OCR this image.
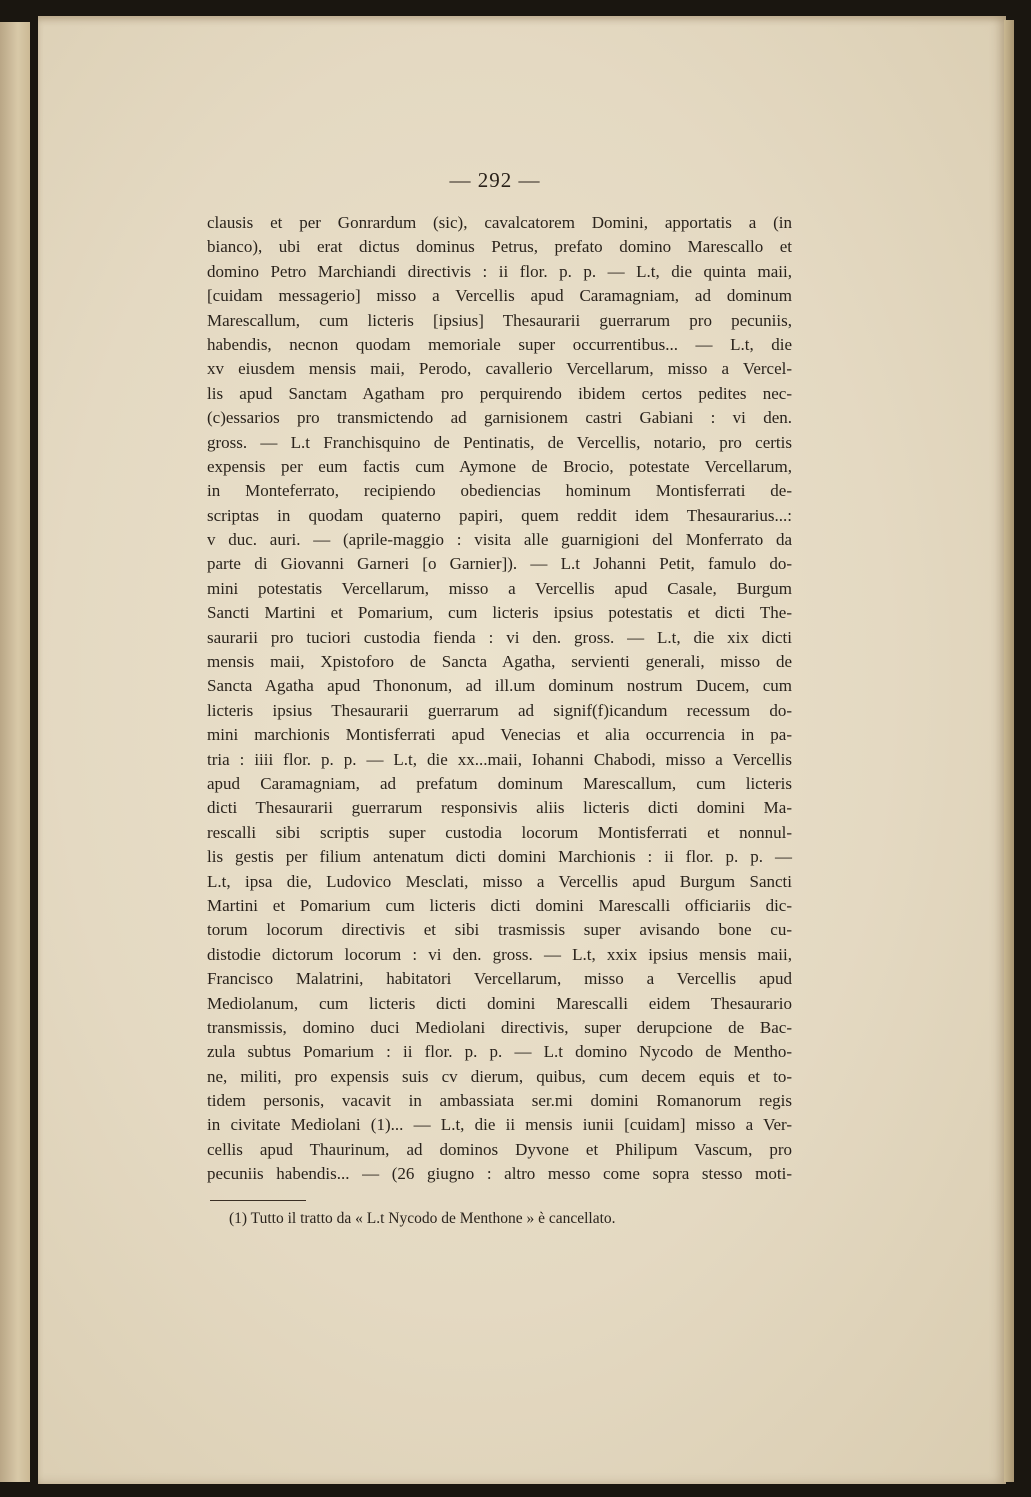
— 292 —
clausis et per Gonrardum (sic), cavalcatorem Domini, apportatis a (in
bianco), ubi erat dictus dominus Petrus, prefato domino Marescallo et
domino Petro Marchiandi directivis : ii flor. p. p. — L.t, die quinta maii,
[cuidam messagerio] misso a Vercellis apud Caramagniam, ad dominum
Marescallum, cum licteris [ipsius] Thesaurarii guerrarum pro pecuniis,
habendis, necnon quodam memoriale super occurrentibus... — L.t, die
xv eiusdem mensis maii, Perodo, cavallerio Vercellarum, misso a Vercel-
lis apud Sanctam Agatham pro perquirendo ibidem certos pedites nec-
(c)essarios pro transmictendo ad garnisionem castri Gabiani : vi den.
gross. — L.t Franchisquino de Pentinatis, de Vercellis, notario, pro certis
expensis per eum factis cum Aymone de Brocio, potestate Vercellarum,
in Monteferrato, recipiendo obediencias hominum Montisferrati de-
scriptas in quodam quaterno papiri, quem reddit idem Thesaurarius...:
v duc. auri. — (aprile-maggio : visita alle guarnigioni del Monferrato da
parte di Giovanni Garneri [o Garnier]). — L.t Johanni Petit, famulo do-
mini potestatis Vercellarum, misso a Vercellis apud Casale, Burgum
Sancti Martini et Pomarium, cum licteris ipsius potestatis et dicti The-
saurarii pro tuciori custodia fienda : vi den. gross. — L.t, die xix dicti
mensis maii, Xpistoforo de Sancta Agatha, servienti generali, misso de
Sancta Agatha apud Thononum, ad ill.um dominum nostrum Ducem, cum
licteris ipsius Thesaurarii guerrarum ad signif(f)icandum recessum do-
mini marchionis Montisferrati apud Venecias et alia occurrencia in pa-
tria : iiii flor. p. p. — L.t, die xx...maii, Iohanni Chabodi, misso a Vercellis
apud Caramagniam, ad prefatum dominum Marescallum, cum licteris
dicti Thesaurarii guerrarum responsivis aliis licteris dicti domini Ma-
rescalli sibi scriptis super custodia locorum Montisferrati et nonnul-
lis gestis per filium antenatum dicti domini Marchionis : ii flor. p. p. —
L.t, ipsa die, Ludovico Mesclati, misso a Vercellis apud Burgum Sancti
Martini et Pomarium cum licteris dicti domini Marescalli officiariis dic-
torum locorum directivis et sibi trasmissis super avisando bone cu-
distodie dictorum locorum : vi den. gross. — L.t, xxix ipsius mensis maii,
Francisco Malatrini, habitatori Vercellarum, misso a Vercellis apud
Mediolanum, cum licteris dicti domini Marescalli eidem Thesaurario
transmissis, domino duci Mediolani directivis, super derupcione de Bac-
zula subtus Pomarium : ii flor. p. p. — L.t domino Nycodo de Mentho-
ne, militi, pro expensis suis cv dierum, quibus, cum decem equis et to-
tidem personis, vacavit in ambassiata ser.mi domini Romanorum regis
in civitate Mediolani (1)... — L.t, die ii mensis iunii [cuidam] misso a Ver-
cellis apud Thaurinum, ad dominos Dyvone et Philipum Vascum, pro
pecuniis habendis... — (26 giugno : altro messo come sopra stesso moti-
(1) Tutto il tratto da « L.t Nycodo de Menthone » è cancellato.
